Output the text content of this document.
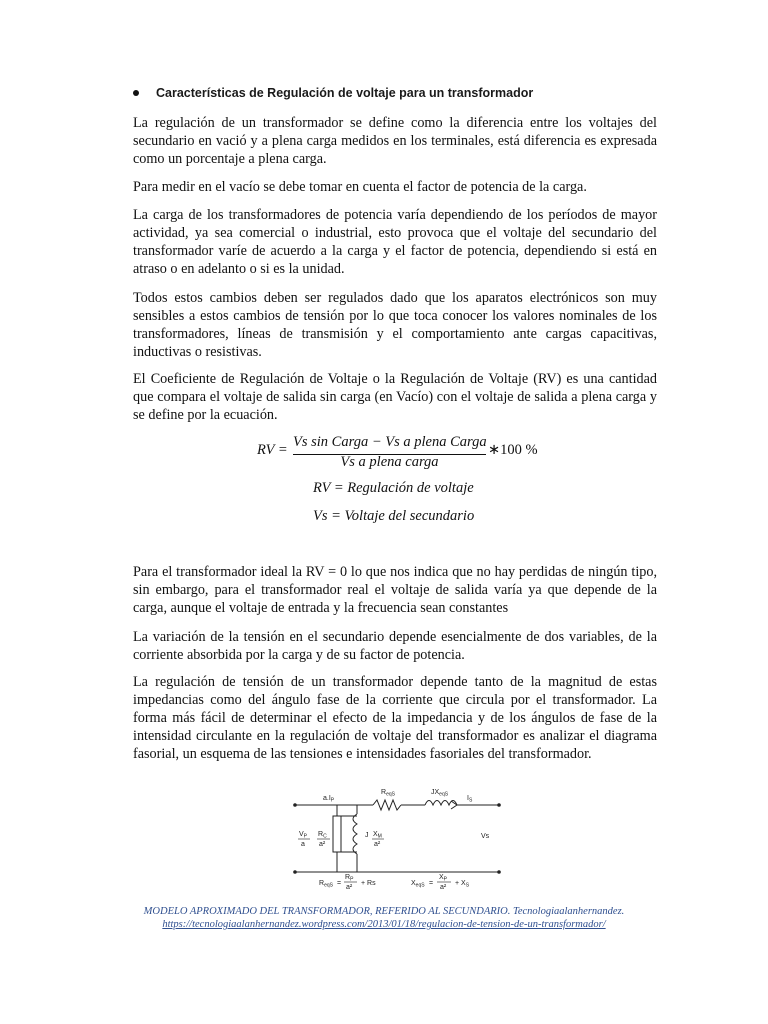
Características de Regulación de voltaje para un transformador

La regulación de un transformador se define como la diferencia entre los voltajes del secundario en vació y a plena carga medidos en los terminales, está diferencia es expresada como un porcentaje a plena carga.

Para medir en el vacío se debe tomar en cuenta el factor de potencia de la carga.

La carga de los transformadores de potencia varía dependiendo de los períodos de mayor actividad, ya sea comercial o industrial, esto provoca que el voltaje del secundario del transformador varíe de acuerdo a la carga y el factor de potencia, dependiendo si está en atraso o en adelanto o si es la unidad.

Todos estos cambios deben ser regulados dado que los aparatos electrónicos son muy sensibles a estos cambios de tensión por lo que toca conocer los valores nominales de los transformadores, líneas de transmisión y el comportamiento ante cargas capacitivas, inductivas o resistivas.

El Coeficiente de Regulación de Voltaje o la Regulación de Voltaje (RV) es una cantidad que compara el voltaje de salida sin carga (en Vacío) con el voltaje de salida a plena carga y se define por la ecuación.

RV = Vs sin Carga − Vs a plena Carga
Vs a plena carga
∗100 %
RV = Regulación de voltaje
Vs = Voltaje del secundario

Para el transformador ideal la RV = 0 lo que nos indica que no hay perdidas de ningún tipo, sin embargo, para el transformador real el voltaje de salida varía ya que depende de la carga, aunque el voltaje de entrada y la frecuencia sean constantes

La variación de la tensión en el secundario depende esencialmente de dos variables, de la corriente absorbida por la carga y de su factor de potencia.

La regulación de tensión de un transformador depende tanto de la magnitud de estas impedancias como del ángulo fase de la corriente que circula por el transformador. La forma más fácil de determinar el efecto de la impedancia y de los ángulos de fase de la intensidad circulante en la regulación de voltaje del transformador es analizar el diagrama fasorial, un esquema de las tensiones e intensidades fasoriales del transformador.

$a.I_P$
$R_{eqS}$	$JX_{eqS}$
$I_S$
$V_P$
a
$R_C$
a²
J $X_M$
a²
Vs
$R_{eqS}$ =
$R_P$
a²
+ Rs	$X_{eqS}$ =
$X_P$
a²
+ $X_S$
MODELO APROXIMADO DEL TRANSFORMADOR, REFERIDO AL SECUNDARIO. Tecnologiaalanhernandez.
https://tecnologiaalanhernandez.wordpress.com/2013/01/18/regulacion-de-tension-de-un-transformador/
